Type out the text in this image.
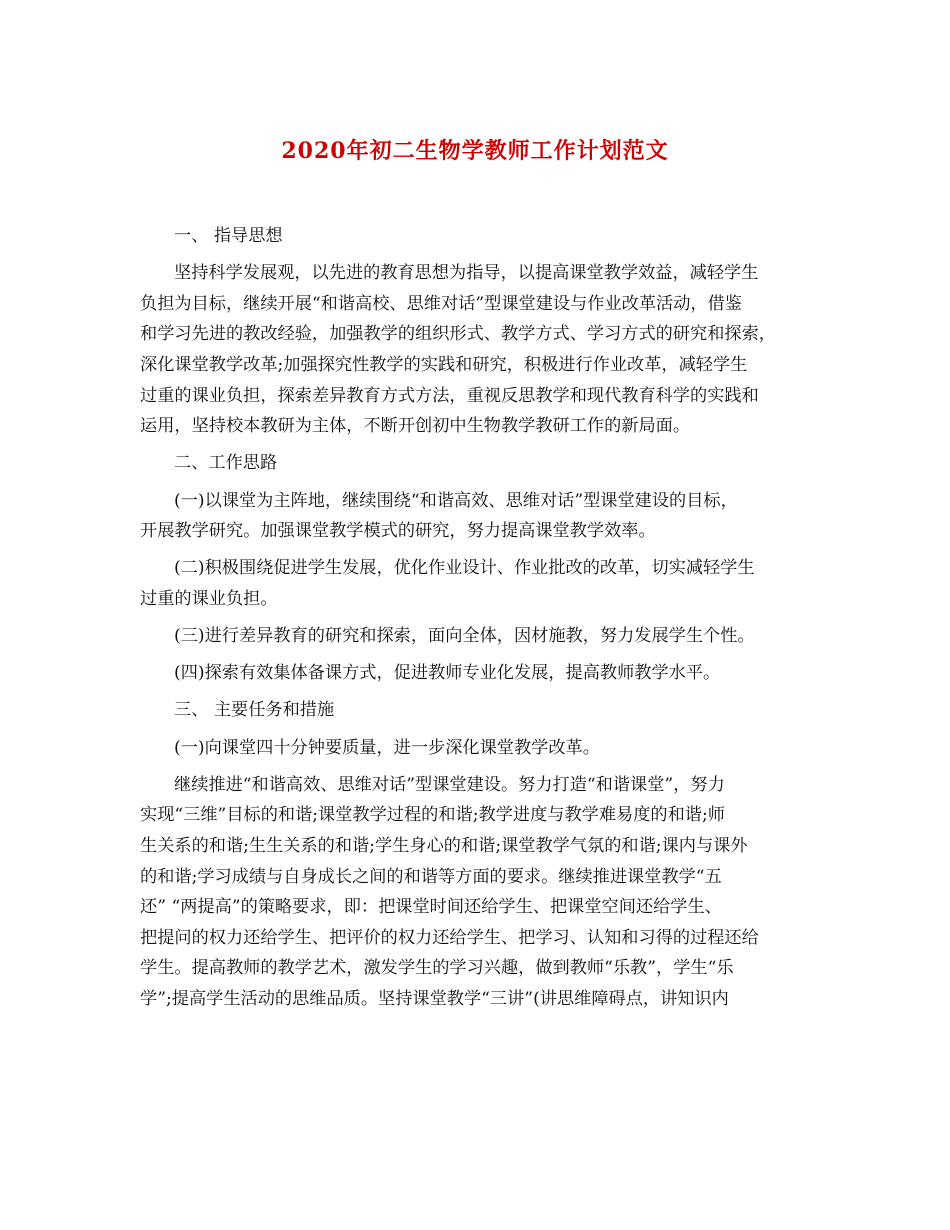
2020年初二生物学教师工作计划范文
一、 指导思想
坚持科学发展观，以先进的教育思想为指导，以提高课堂教学效益，减轻学生
负担为目标，继续开展“和谐高校、思维对话”型课堂建设与作业改革活动，借鉴
和学习先进的教改经验，加强教学的组织形式、教学方式、学习方式的研究和探索，
深化课堂教学改革;加强探究性教学的实践和研究，积极进行作业改革，减轻学生
过重的课业负担，探索差异教育方式方法，重视反思教学和现代教育科学的实践和
运用，坚持校本教研为主体，不断开创初中生物教学教研工作的新局面。
二、工作思路
(一)以课堂为主阵地，继续围绕“和谐高效、思维对话”型课堂建设的目标，
开展教学研究。加强课堂教学模式的研究，努力提高课堂教学效率。
(二)积极围绕促进学生发展，优化作业设计、作业批改的改革，切实减轻学生
过重的课业负担。
(三)进行差异教育的研究和探索，面向全体，因材施教，努力发展学生个性。
(四)探索有效集体备课方式，促进教师专业化发展，提高教师教学水平。
三、 主要任务和措施
(一)向课堂四十分钟要质量，进一步深化课堂教学改革。
继续推进“和谐高效、思维对话”型课堂建设。努力打造“和谐课堂”，努力
实现“三维”目标的和谐;课堂教学过程的和谐;教学进度与教学难易度的和谐;师
生关系的和谐;生生关系的和谐;学生身心的和谐;课堂教学气氛的和谐;课内与课外
的和谐;学习成绩与自身成长之间的和谐等方面的要求。继续推进课堂教学“五
还” “两提高”的策略要求，即：把课堂时间还给学生、把课堂空间还给学生、
把提问的权力还给学生、把评价的权力还给学生、把学习、认知和习得的过程还给
学生。提高教师的教学艺术，激发学生的学习兴趣，做到教师“乐教”，学生“乐
学”;提高学生活动的思维品质。坚持课堂教学“三讲”(讲思维障碍点，讲知识内
